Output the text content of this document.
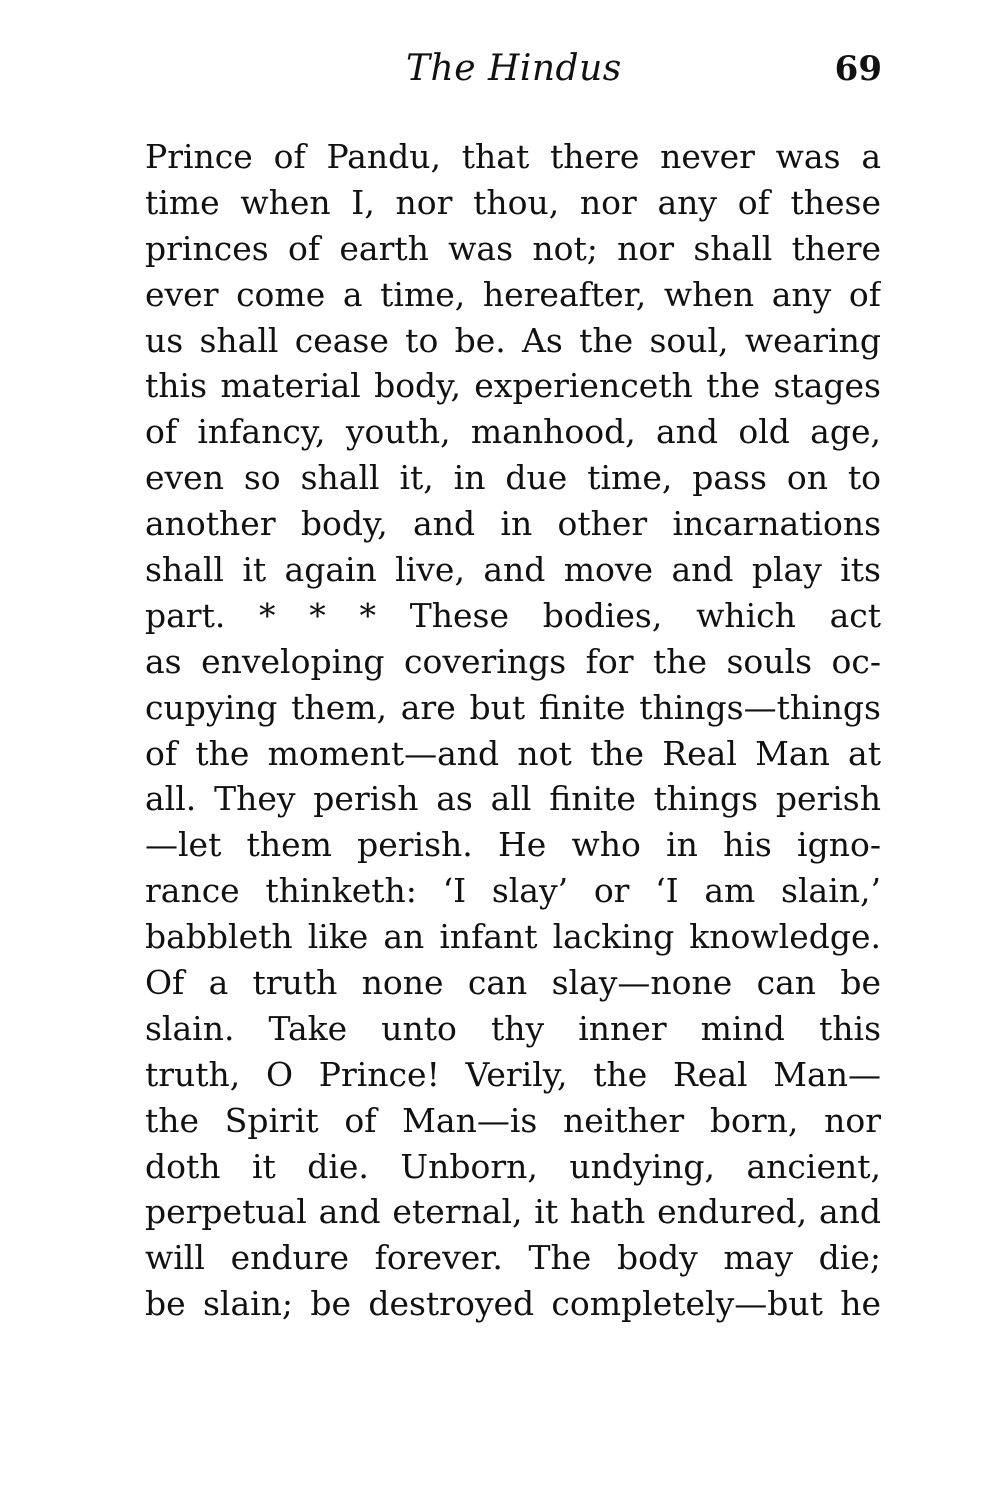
The Hindus	69
Prince of Pandu, that there never was a
time when I, nor thou, nor any of these
princes of earth was not; nor shall there
ever come a time, hereafter, when any of
us shall cease to be. As the soul, wearing
this material body, experienceth the stages
of infancy, youth, manhood, and old age,
even so shall it, in due time, pass on to
another body, and in other incarnations
shall it again live, and move and play its
part. * * * These bodies, which act
as enveloping coverings for the souls oc-
cupying them, are but finite things—things
of the moment—and not the Real Man at
all. They perish as all finite things perish
—let them perish. He who in his igno-
rance thinketh: ‘I slay’ or ‘I am slain,’
babbleth like an infant lacking knowledge.
Of a truth none can slay—none can be
slain. Take unto thy inner mind this
truth, O Prince! Verily, the Real Man—
the Spirit of Man—is neither born, nor
doth it die. Unborn, undying, ancient,
perpetual and eternal, it hath endured, and
will endure forever. The body may die;
be slain; be destroyed completely—but he
